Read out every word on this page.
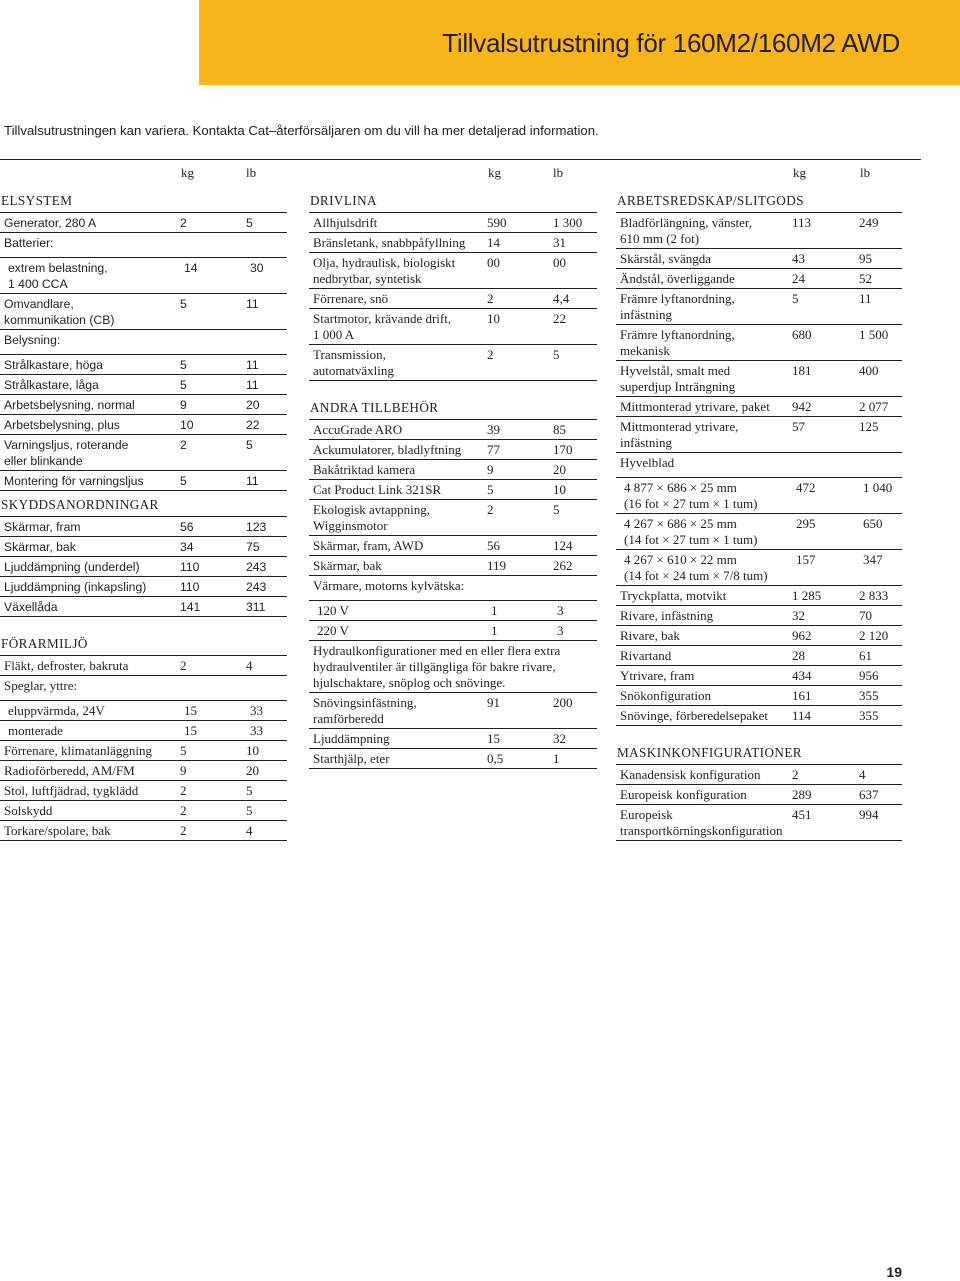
Tillvalsutrustning för 160M2/160M2 AWD

Tillvalsutrustningen kan variera. Kontakta Cat–återförsäljaren om du vill ha mer detaljerad information.

kg	lb
ELSYSTEM
Generator, 280 A	2	5
Batterier:
extrem belastning,
1 400 CCA
14	30
Omvandlare,
kommunikation (CB)
5	11
Belysning:
Strålkastare, höga	5	11
Strålkastare, låga	5	11
Arbetsbelysning, normal	9	20
Arbetsbelysning, plus	10	22
Varningsljus, roterande
eller blinkande
2	5
Montering för varningsljus	5	11
SKYDDSANORDNINGAR
Skärmar, fram	56	123
Skärmar, bak	34	75
Ljuddämpning (underdel)	110	243
Ljuddämpning (inkapsling)	110	243
Växellåda	141	311
FÖRARMILJÖ
Fläkt, defroster, bakruta	2	4
Speglar, yttre:
eluppvärmda, 24V	15	33
monterade	15	33
Förrenare, klimatanläggning	5	10
Radioförberedd, AM/FM	9	20
Stol, luftfjädrad, tygklädd	2	5
Solskydd	2	5
Torkare/spolare, bak	2	4
kg	lb
DRIVLINA
Allhjulsdrift	590	1 300
Bränsletank, snabbpåfyllning	14	31
Olja, hydraulisk, biologiskt
nedbrytbar, syntetisk
00	00
Förrenare, snö	2	4,4
Startmotor, krävande drift,
1 000 A
10	22
Transmission,
automatväxling
2	5
ANDRA TILLBEHÖR
AccuGrade ARO	39	85
Ackumulatorer, bladlyftning	77	170
Bakåtriktad kamera	9	20
Cat Product Link 321SR	5	10
Ekologisk avtappning,
Wigginsmotor
2	5
Skärmar, fram, AWD	56	124
Skärmar, bak	119	262
Värmare, motorns kylvätska:
120 V	1	3
220 V	1	3
Hydraulkonfigurationer med en eller flera extra hydraulventiler är tillgängliga för bakre rivare, hjulschaktare, snöplog och snövinge.
Snövingsinfästning,
ramförberedd
91	200
Ljuddämpning	15	32
Starthjälp, eter	0,5	1
kg	lb
ARBETSREDSKAP/SLITGODS
Bladförlängning, vänster,
610 mm (2 fot)
113	249
Skärstål, svängda	43	95
Ändstål, överliggande	24	52
Främre lyftanordning,
infästning
5	11
Främre lyftanordning,
mekanisk
680	1 500
Hyvelstål, smalt med
superdjup Inträngning
181	400
Mittmonterad ytrivare, paket	942	2 077
Mittmonterad ytrivare,
infästning
57	125
Hyvelblad
4 877 × 686 × 25 mm
(16 fot × 27 tum × 1 tum)
472	1 040
4 267 × 686 × 25 mm
(14 fot × 27 tum × 1 tum)
295	650
4 267 × 610 × 22 mm
(14 fot × 24 tum × 7/8 tum)
157	347
Tryckplatta, motvikt	1 285	2 833
Rivare, infästning	32	70
Rivare, bak	962	2 120
Rivartand	28	61
Ytrivare, fram	434	956
Snökonfiguration	161	355
Snövinge, förberedelsepaket	114	355
MASKINKONFIGURATIONER
Kanadensisk konfiguration	2	4
Europeisk konfiguration	289	637
Europeisk
transportkörningskonfiguration
451	994
19
